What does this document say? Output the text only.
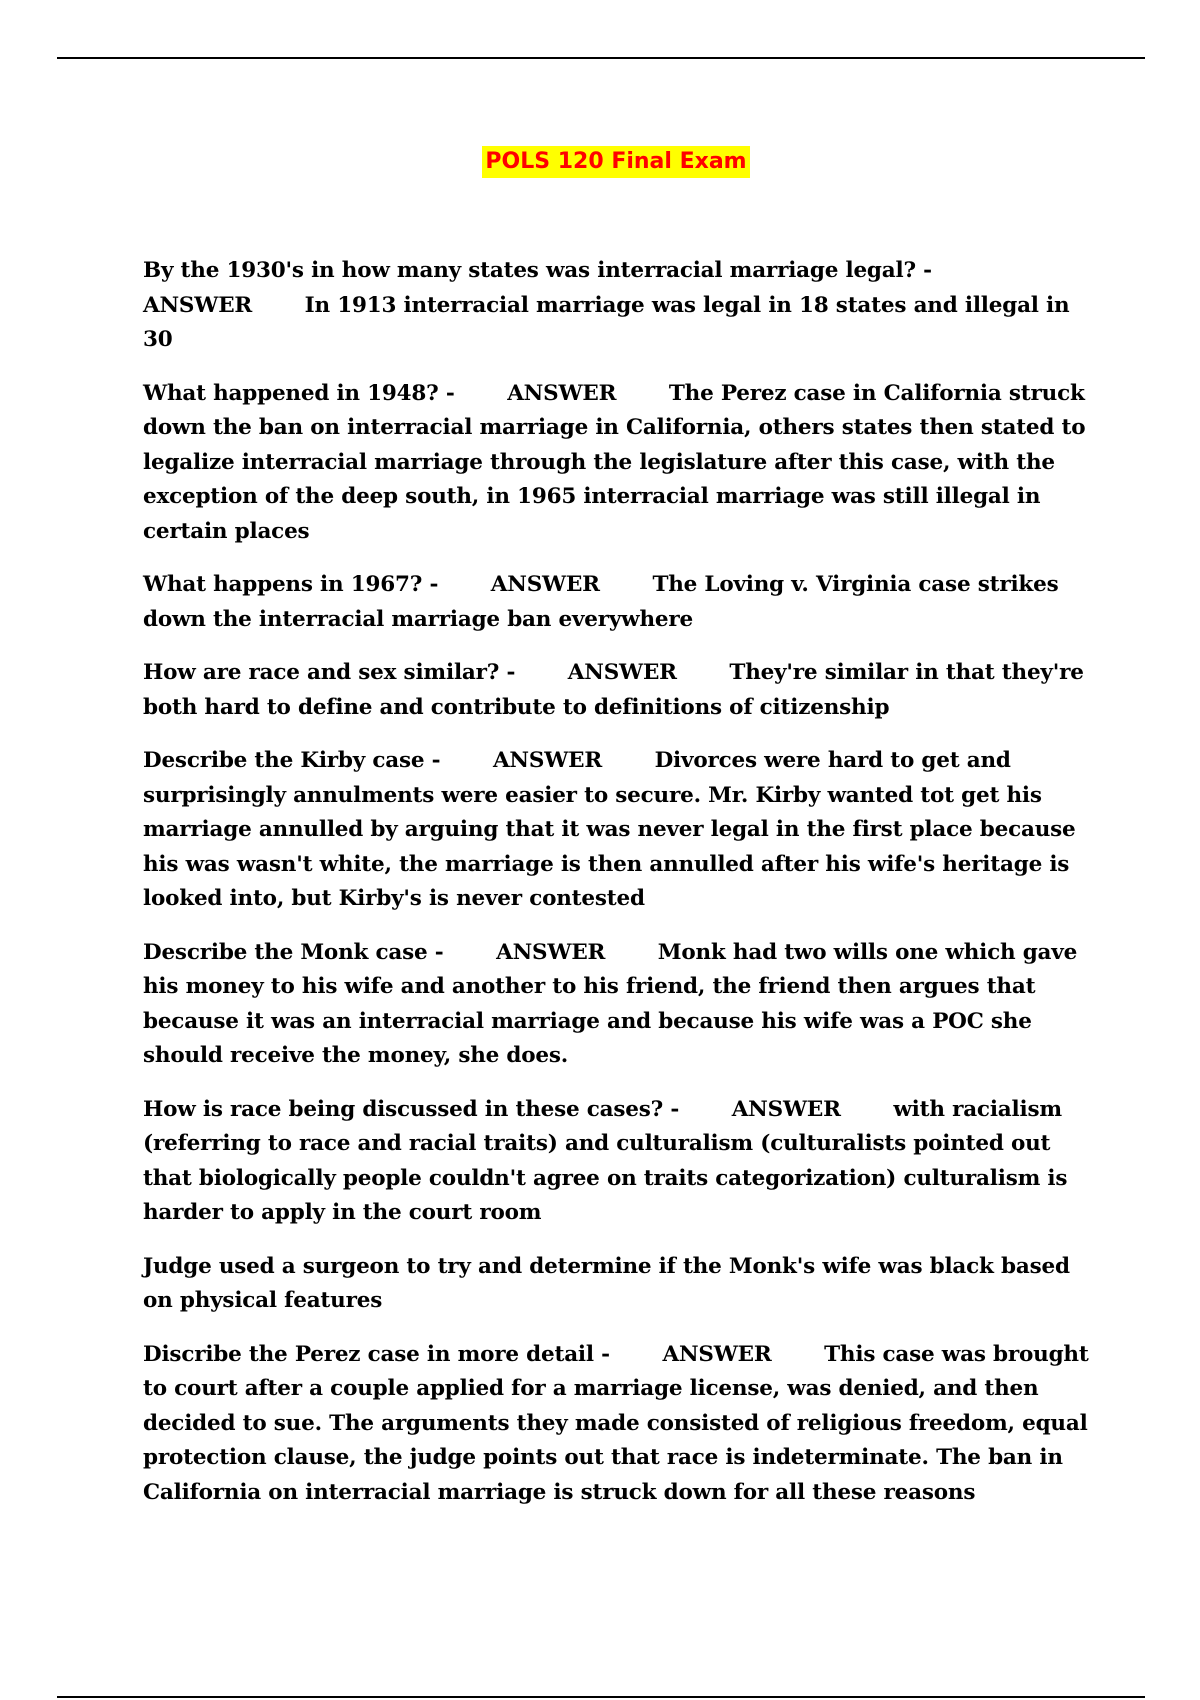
POLS 120 Final Exam

By the 1930's in how many states was interracial marriage legal? -  ANSWER In 1913 interracial marriage was legal in 18 states and illegal in 30

What happened in 1948? - ANSWER The Perez case in California struck down the ban on interracial marriage in California, others states then stated to legalize interracial marriage through the legislature after this case, with the exception of the deep south, in 1965 interracial marriage was still illegal in certain places

What happens in 1967? - ANSWER The Loving v. Virginia case strikes down the interracial marriage ban everywhere

How are race and sex similar? - ANSWER They're similar in that they're both hard to define and contribute to definitions of citizenship

Describe the Kirby case - ANSWER Divorces were hard to get and surprisingly annulments were easier to secure. Mr. Kirby wanted tot get his marriage annulled by arguing that it was never legal in the first place because his was wasn't white, the marriage is then annulled after his wife's heritage is looked into, but Kirby's is never contested

Describe the Monk case - ANSWER Monk had two wills one which gave his money to his wife and another to his friend, the friend then argues that because it was an interracial marriage and because his wife was a POC she should receive the money, she does.

How is race being discussed in these cases? - ANSWER with racialism (referring to race and racial traits) and culturalism (culturalists pointed out that biologically people couldn't agree on traits categorization) culturalism is harder to apply in the court room

Judge used a surgeon to try and determine if the Monk's wife was black based on physical features

Discribe the Perez case in more detail - ANSWER This case was brought to court after a couple applied for a marriage license, was denied, and then decided to sue. The arguments they made consisted of religious freedom, equal protection clause, the judge points out that race is indeterminate. The ban in California on interracial marriage is struck down for all these reasons
